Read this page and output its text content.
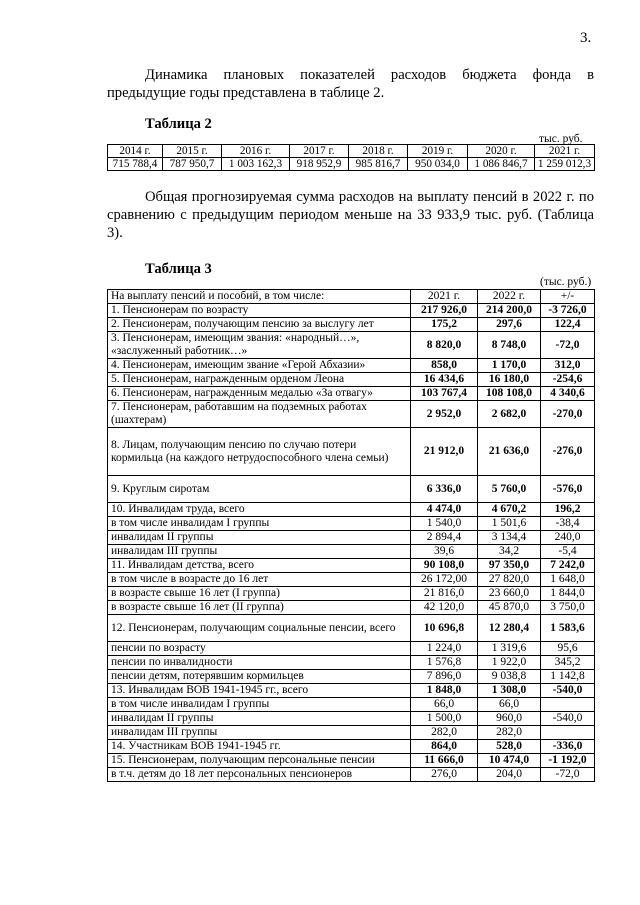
3.
Динамика плановых показателей расходов бюджета фонда в предыдущие годы представлена в таблице 2.
Таблица 2
тыс. руб.
2014 г.	2015 г.	2016 г.	2017 г.	2018 г.	2019 г.	2020 г.	2021 г.
715 788,4	787 950,7	1 003 162,3	918 952,9	985 816,7	950 034,0	1 086 846,7	1 259 012,3
Общая прогнозируемая сумма расходов на выплату пенсий в 2022 г. по сравнению с предыдущим периодом меньше на 33 933,9 тыс. руб. (Таблица 3).
Таблица 3
(тыс. руб.)
На выплату пенсий и пособий, в том числе:	2021 г.	2022 г.	+/-
1. Пенсионерам по возрасту	217 926,0	214 200,0	-3 726,0
2. Пенсионерам, получающим пенсию за выслугу лет	175,2	297,6	122,4
3. Пенсионерам, имеющим звания: «народный…», «заслуженный работник…»	8 820,0	8 748,0	-72,0
4. Пенсионерам, имеющим звание «Герой Абхазии»	858,0	1 170,0	312,0
5. Пенсионерам, награжденным орденом Леона	16 434,6	16 180,0	-254,6
6. Пенсионерам, награжденным медалью «За отвагу»	103 767,4	108 108,0	4 340,6
7. Пенсионерам, работавшим на подземных работах (шахтерам)	2 952,0	2 682,0	-270,0
8. Лицам, получающим пенсию по случаю потери кормильца (на каждого нетрудоспособного члена семьи)	21 912,0	21 636,0	-276,0
9. Круглым сиротам	6 336,0	5 760,0	-576,0
10. Инвалидам труда, всего	4 474,0	4 670,2	196,2
в том числе инвалидам I группы	1 540,0	1 501,6	-38,4
инвалидам II группы	2 894,4	3 134,4	240,0
инвалидам III группы	39,6	34,2	-5,4
11. Инвалидам детства, всего	90 108,0	97 350,0	7 242,0
в том числе в возрасте до 16 лет	26 172,00	27 820,0	1 648,0
в возрасте свыше 16 лет (I группа)	21 816,0	23 660,0	1 844,0
в возрасте свыше 16 лет (II группа)	42 120,0	45 870,0	3 750,0
12. Пенсионерам, получающим социальные пенсии, всего	10 696,8	12 280,4	1 583,6
пенсии по возрасту	1 224,0	1 319,6	95,6
пенсии по инвалидности	1 576,8	1 922,0	345,2
пенсии детям, потерявшим кормильцев	7 896,0	9 038,8	1 142,8
13. Инвалидам ВОВ 1941-1945 гг., всего	1 848,0	1 308,0	-540,0
в том числе инвалидам I группы	66,0	66,0	
инвалидам II группы	1 500,0	960,0	-540,0
инвалидам III группы	282,0	282,0	
14. Участникам ВОВ 1941-1945 гг.	864,0	528,0	-336,0
15. Пенсионерам, получающим персональные пенсии	11 666,0	10 474,0	-1 192,0
в т.ч. детям до 18 лет персональных пенсионеров	276,0	204,0	-72,0
